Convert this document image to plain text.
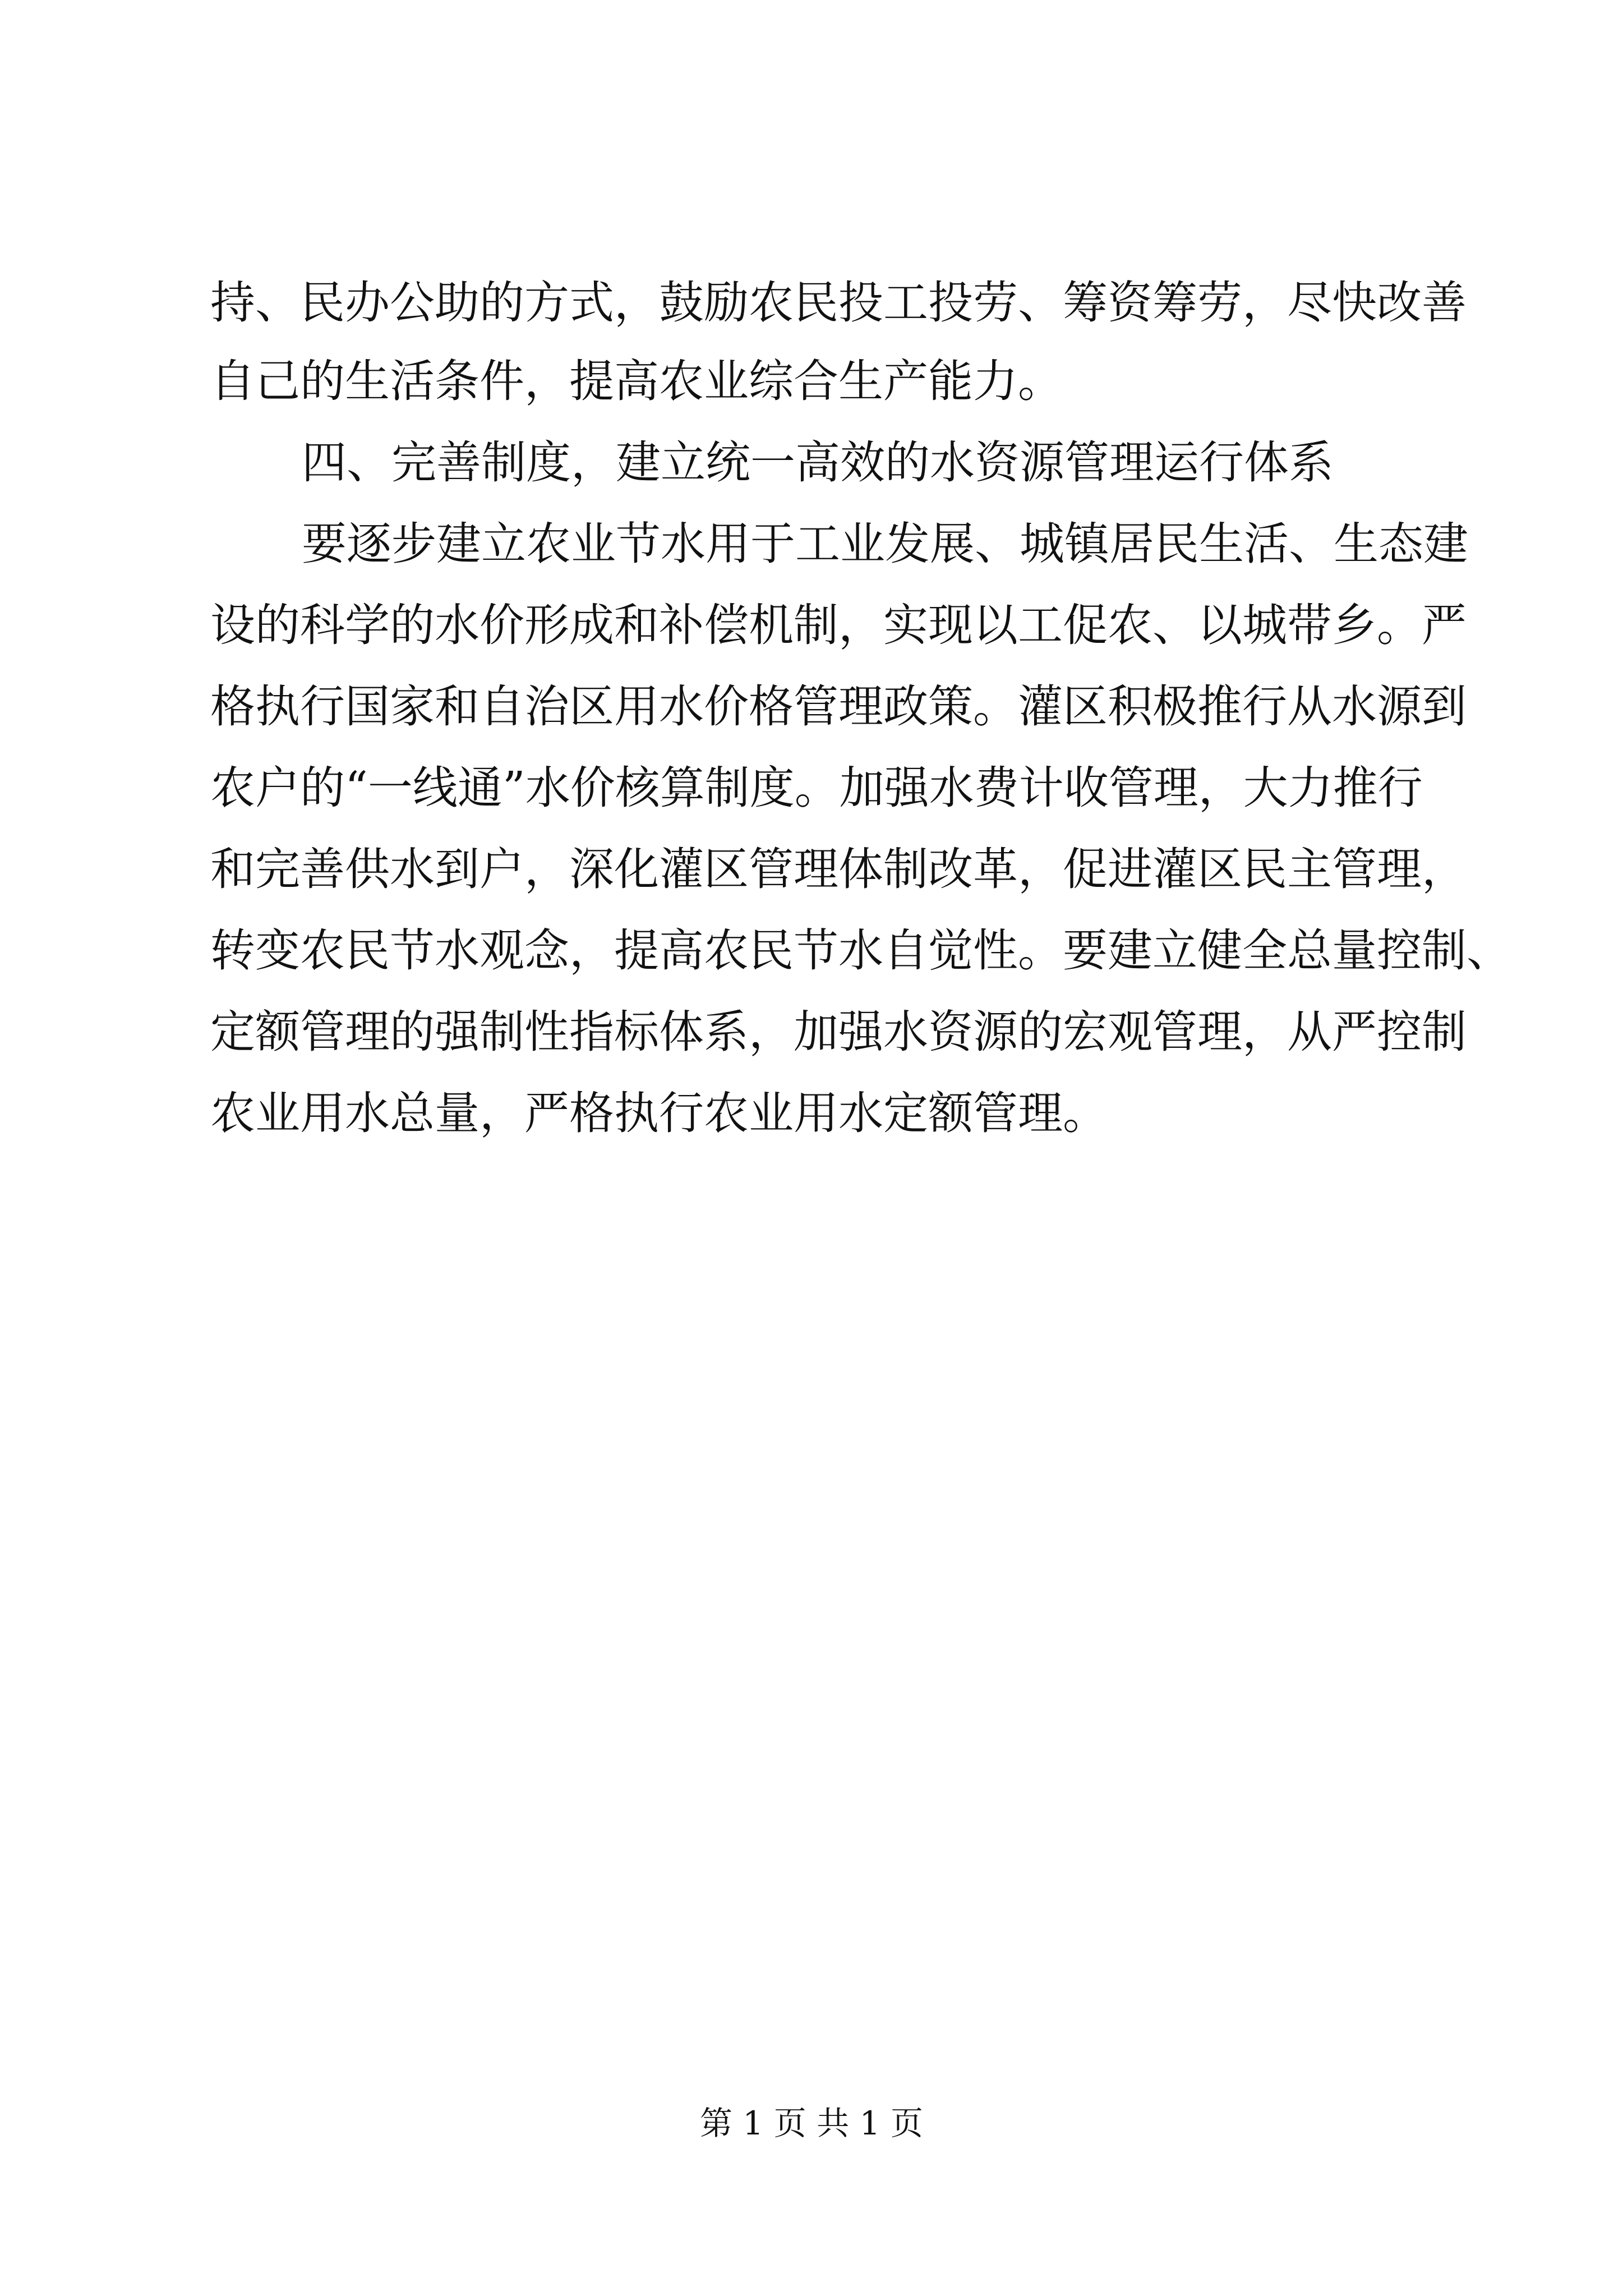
持、民办公助的方式，鼓励农民投工投劳、筹资筹劳，尽快改善
自己的生活条件，提高农业综合生产能力。
四、完善制度，建立统一高效的水资源管理运行体系
要逐步建立农业节水用于工业发展、城镇居民生活、生态建
设的科学的水价形成和补偿机制，实现以工促农、以城带乡。严
格执行国家和自治区用水价格管理政策。灌区积极推行从水源到
农户的“一线通”水价核算制度。加强水费计收管理，大力推行
和完善供水到户，深化灌区管理体制改革，促进灌区民主管理，
转变农民节水观念，提高农民节水自觉性。要建立健全总量控制、
定额管理的强制性指标体系，加强水资源的宏观管理，从严控制
农业用水总量，严格执行农业用水定额管理。
第 1 页 共 1 页
